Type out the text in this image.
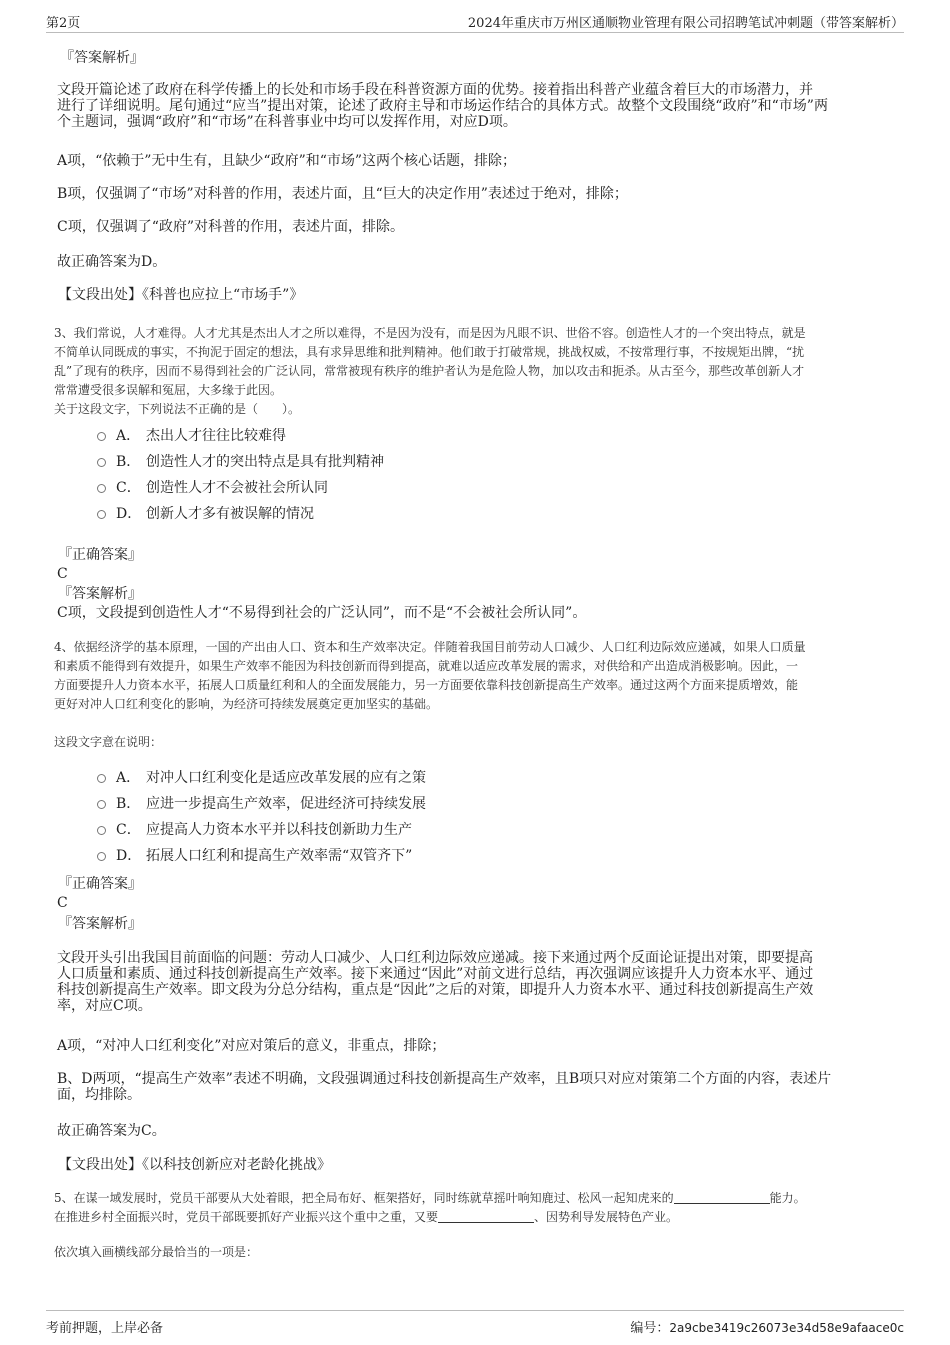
第2页	2024年重庆市万州区通顺物业管理有限公司招聘笔试冲刺题（带答案解析）
『答案解析』
文段开篇论述了政府在科学传播上的长处和市场手段在科普资源方面的优势。接着指出科普产业蕴含着巨大的市场潜力，并
进行了详细说明。尾句通过“应当”提出对策，论述了政府主导和市场运作结合的具体方式。故整个文段围绕“政府”和“市场”两
个主题词，强调“政府”和“市场”在科普事业中均可以发挥作用，对应D项。
A项，“依赖于”无中生有，且缺少“政府”和“市场”这两个核心话题，排除；
B项，仅强调了“市场”对科普的作用，表述片面，且“巨大的决定作用”表述过于绝对，排除；
C项，仅强调了“政府”对科普的作用，表述片面，排除。
故正确答案为D。
【文段出处】《科普也应拉上“市场手”》
3、我们常说，人才难得。人才尤其是杰出人才之所以难得，不是因为没有，而是因为凡眼不识、世俗不容。创造性人才的一个突出特点，就是
不简单认同既成的事实，不拘泥于固定的想法，具有求异思维和批判精神。他们敢于打破常规，挑战权威，不按常理行事，不按规矩出牌，“扰
乱”了现有的秩序，因而不易得到社会的广泛认同，常常被现有秩序的维护者认为是危险人物，加以攻击和扼杀。从古至今，那些改革创新人才
常常遭受很多误解和冤屈，大多缘于此因。
关于这段文字，下列说法不正确的是（　　）。
A． 杰出人才往往比较难得
B． 创造性人才的突出特点是具有批判精神
C． 创造性人才不会被社会所认同
D． 创新人才多有被误解的情况
『正确答案』
C
『答案解析』
C项，文段提到创造性人才“不易得到社会的广泛认同”，而不是“不会被社会所认同”。
4、依据经济学的基本原理，一国的产出由人口、资本和生产效率决定。伴随着我国目前劳动人口减少、人口红利边际效应递减，如果人口质量
和素质不能得到有效提升，如果生产效率不能因为科技创新而得到提高，就难以适应改革发展的需求，对供给和产出造成消极影响。因此，一
方面要提升人力资本水平，拓展人口质量红利和人的全面发展能力，另一方面要依靠科技创新提高生产效率。通过这两个方面来提质增效，能
更好对冲人口红利变化的影响，为经济可持续发展奠定更加坚实的基础。
这段文字意在说明：
A． 对冲人口红利变化是适应改革发展的应有之策
B． 应进一步提高生产效率，促进经济可持续发展
C． 应提高人力资本水平并以科技创新助力生产
D． 拓展人口红利和提高生产效率需“双管齐下”
『正确答案』
C
『答案解析』
文段开头引出我国目前面临的问题：劳动人口减少、人口红利边际效应递减。接下来通过两个反面论证提出对策，即要提高
人口质量和素质、通过科技创新提高生产效率。接下来通过“因此”对前文进行总结，再次强调应该提升人力资本水平、通过
科技创新提高生产效率。即文段为分总分结构，重点是“因此”之后的对策，即提升人力资本水平、通过科技创新提高生产效
率，对应C项。
A项，“对冲人口红利变化”对应对策后的意义，非重点，排除；
B、D两项，“提高生产效率”表述不明确，文段强调通过科技创新提高生产效率，且B项只对应对策第二个方面的内容，表述片
面，均排除。
故正确答案为C。
【文段出处】《以科技创新应对老龄化挑战》
5、在谋一域发展时，党员干部要从大处着眼，把全局布好、框架搭好，同时练就草摇叶响知鹿过、松风一起知虎来的	能力。
在推进乡村全面振兴时，党员干部既要抓好产业振兴这个重中之重，又要	、因势利导发展特色产业。
依次填入画横线部分最恰当的一项是：
考前押题，上岸必备	编号：2a9cbe3419c26073e34d58e9afaace0c
